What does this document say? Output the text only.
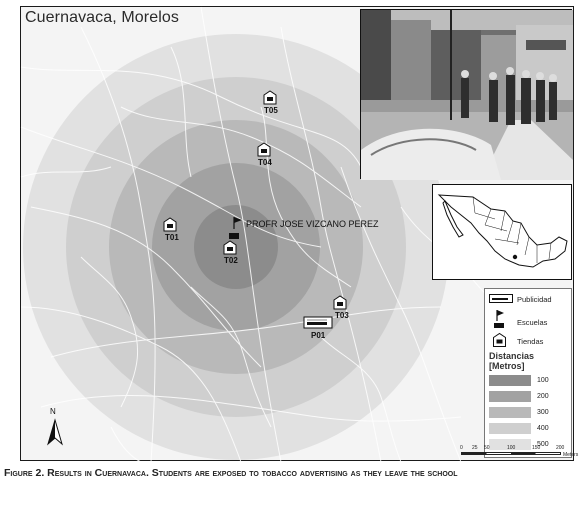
Cuernavaca, Morelos
T01
T02
T03
T04
T05
PROFR JOSE VIZCANO PEREZ
P01
Publicidad
Escuelas
Tiendas
Distancias
[Metros]
100
200
300
400
500
0 25 50	100	150	200
Meters
N
Figure 2. Results in Cuernavaca. Students are exposed to tobacco advertising as they leave the school
